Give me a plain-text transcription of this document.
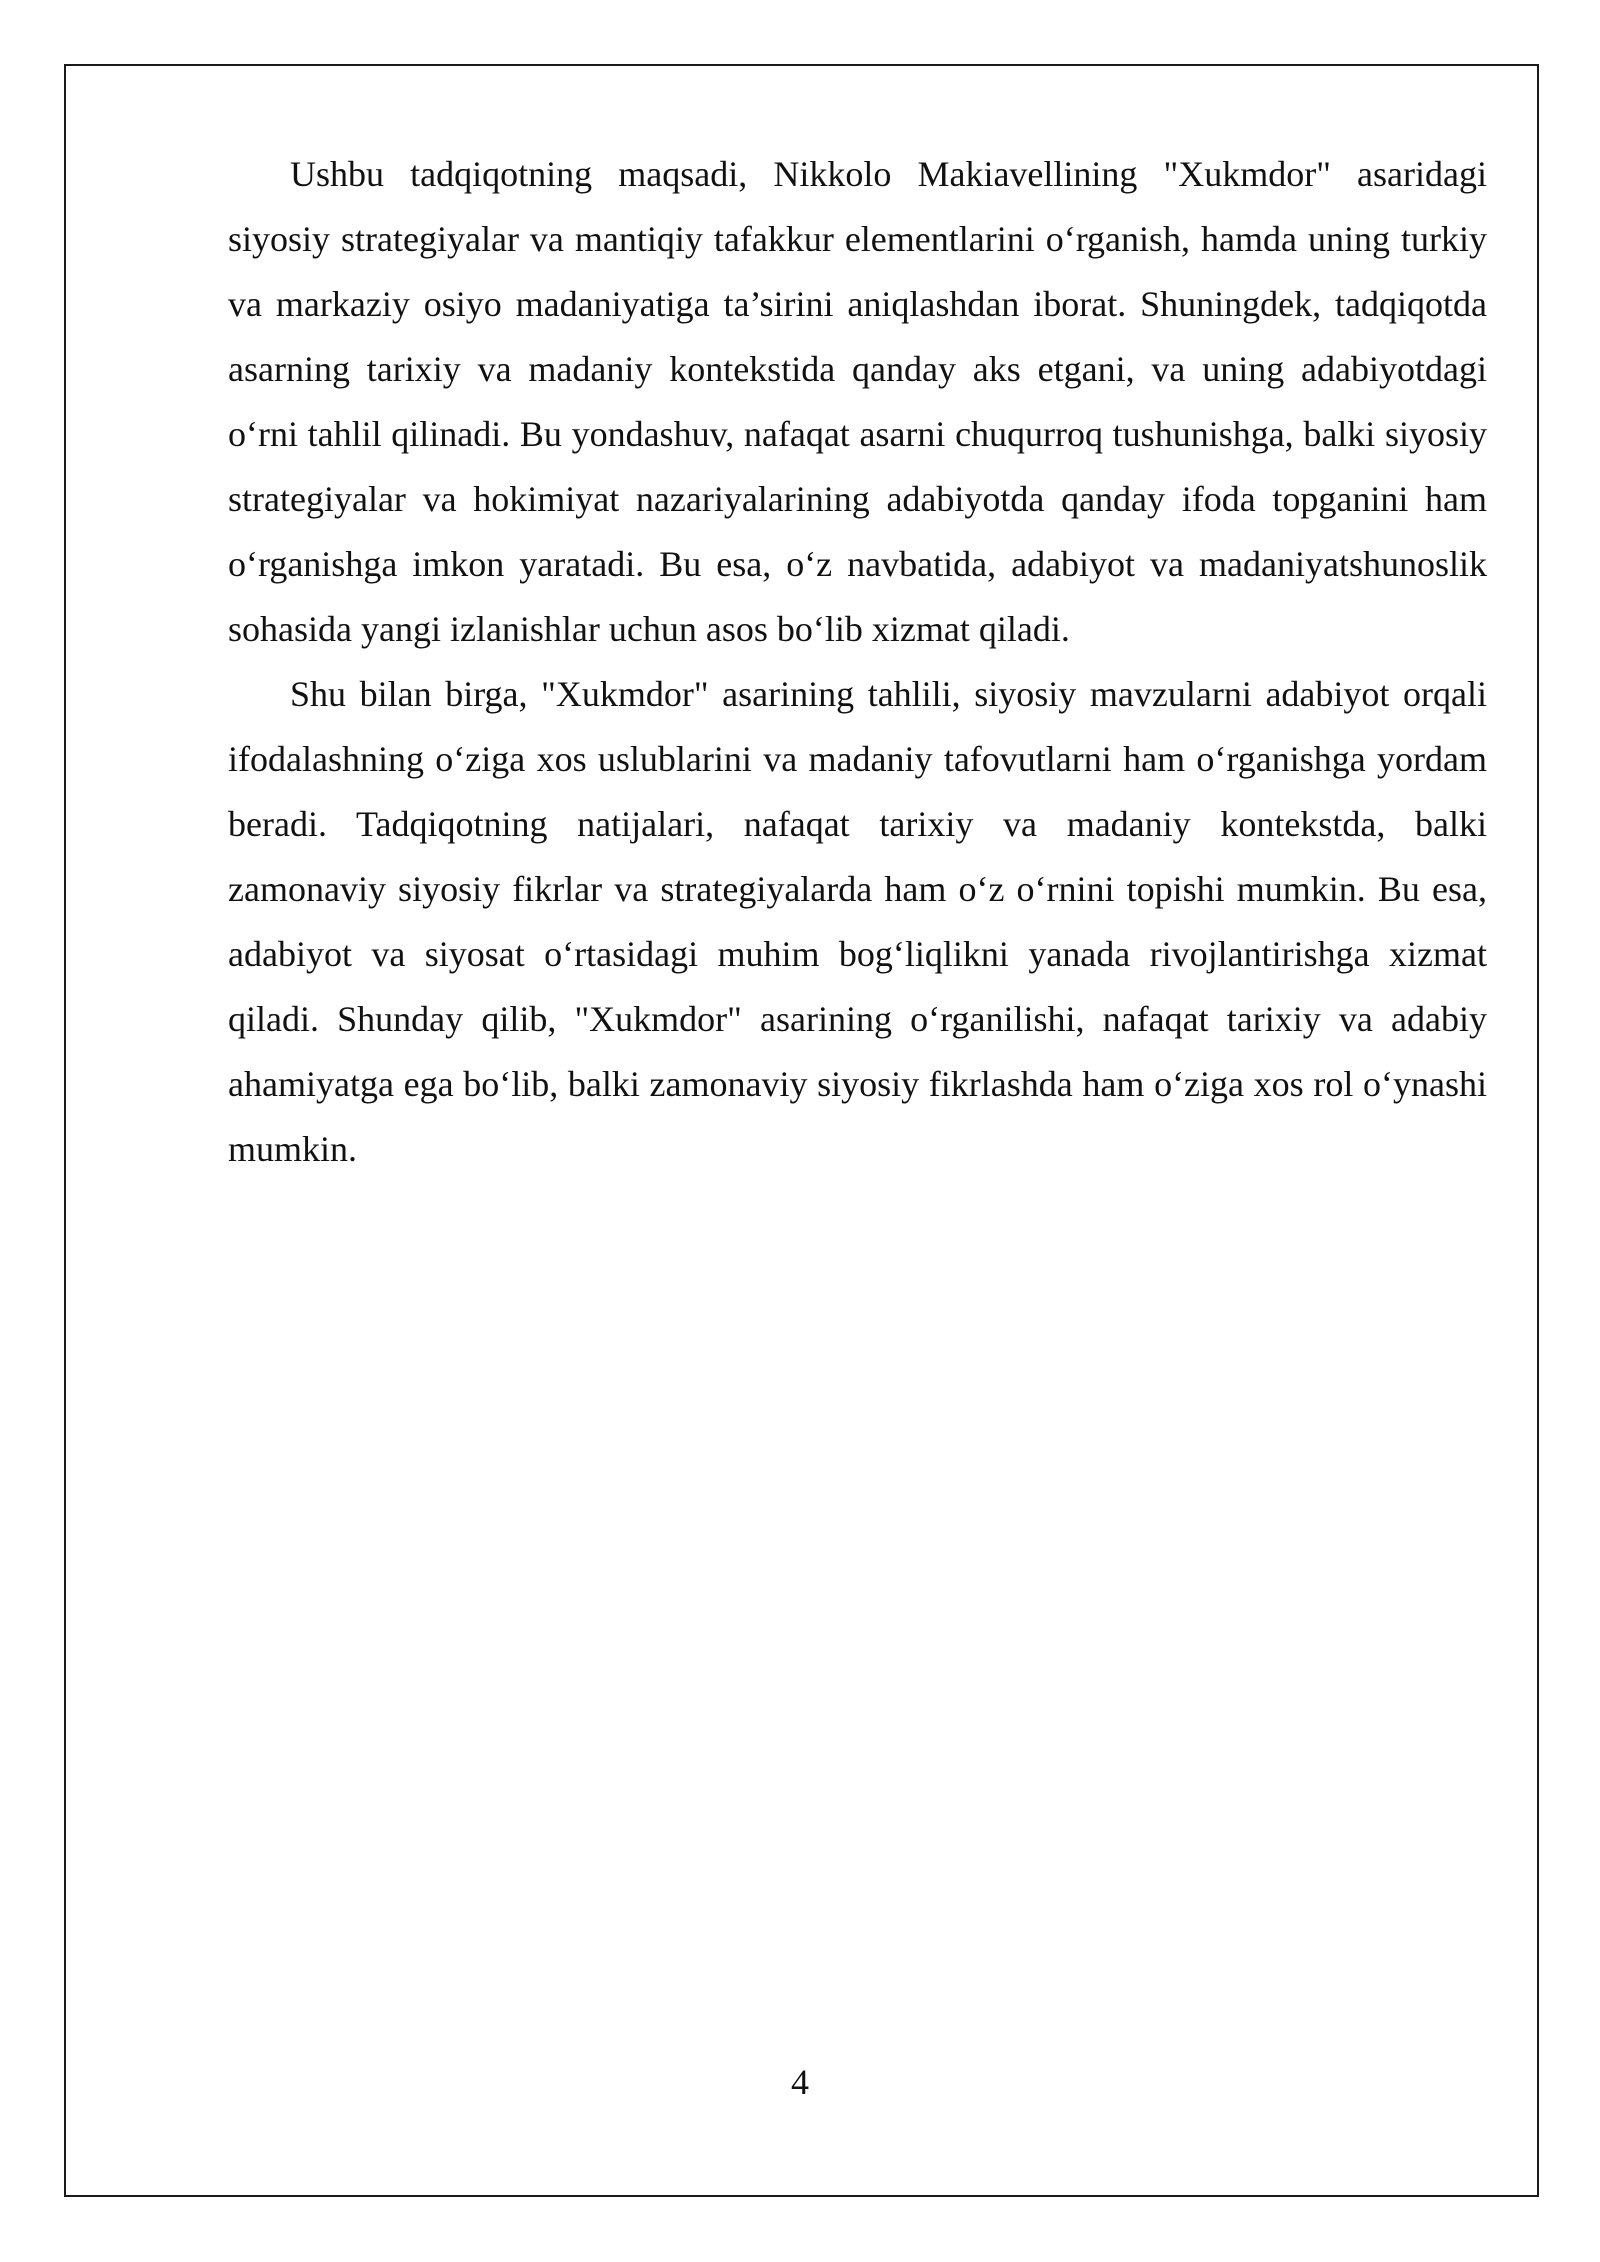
Ushbu tadqiqotning maqsadi, Nikkolo Makiavellining "Xukmdor" asaridagi siyosiy strategiyalar va mantiqiy tafakkur elementlarini o‘rganish, hamda uning turkiy va markaziy osiyo madaniyatiga ta’sirini aniqlashdan iborat. Shuningdek, tadqiqotda asarning tarixiy va madaniy kontekstida qanday aks etgani, va uning adabiyotdagi o‘rni tahlil qilinadi. Bu yondashuv, nafaqat asarni chuqurroq tushunishga, balki siyosiy strategiyalar va hokimiyat nazariyalarining adabiyotda qanday ifoda topganini ham o‘rganishga imkon yaratadi. Bu esa, o‘z navbatida, adabiyot va madaniyatshunoslik sohasida yangi izlanishlar uchun asos bo‘lib xizmat qiladi.

Shu bilan birga, "Xukmdor" asarining tahlili, siyosiy mavzularni adabiyot orqali ifodalashning o‘ziga xos uslublarini va madaniy tafovutlarni ham o‘rganishga yordam beradi. Tadqiqotning natijalari, nafaqat tarixiy va madaniy kontekstda, balki zamonaviy siyosiy fikrlar va strategiyalarda ham o‘z o‘rnini topishi mumkin. Bu esa, adabiyot va siyosat o‘rtasidagi muhim bog‘liqlikni yanada rivojlantirishga xizmat qiladi. Shunday qilib, "Xukmdor" asarining o‘rganilishi, nafaqat tarixiy va adabiy ahamiyatga ega bo‘lib, balki zamonaviy siyosiy fikrlashda ham o‘ziga xos rol o‘ynashi mumkin.

4
